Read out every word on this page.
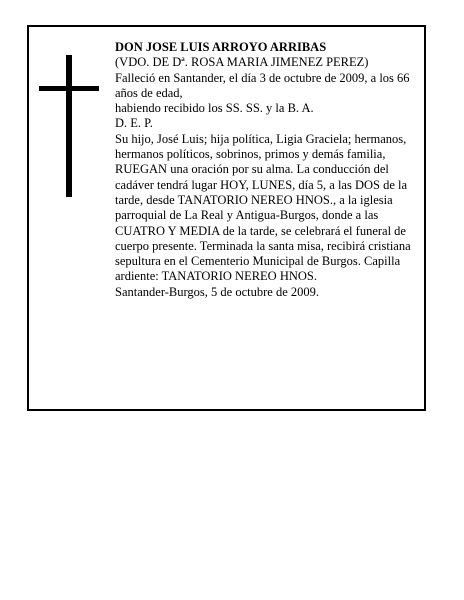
DON JOSE LUIS ARROYO ARRIBAS

(VDO. DE Dª. ROSA MARIA JIMENEZ PEREZ)

Falleció en Santander, el día 3 de octubre de 2009, a los 66 años de edad,

habiendo recibido los SS. SS. y la B. A.

D. E. P.

Su hijo, José Luis; hija política, Ligia Graciela; hermanos, hermanos políticos, sobrinos, primos y demás familia,

RUEGAN una oración por su alma. La conducción del cadáver tendrá lugar HOY, LUNES, día 5, a las DOS de la tarde, desde TANATORIO NEREO HNOS., a la iglesia parroquial de La Real y Antigua-Burgos, donde a las CUATRO Y MEDIA de la tarde, se celebrará el funeral de cuerpo presente. Terminada la santa misa, recibirá cristiana sepultura en el Cementerio Municipal de Burgos. Capilla ardiente: TANATORIO NEREO HNOS.

Santander-Burgos, 5 de octubre de 2009.
